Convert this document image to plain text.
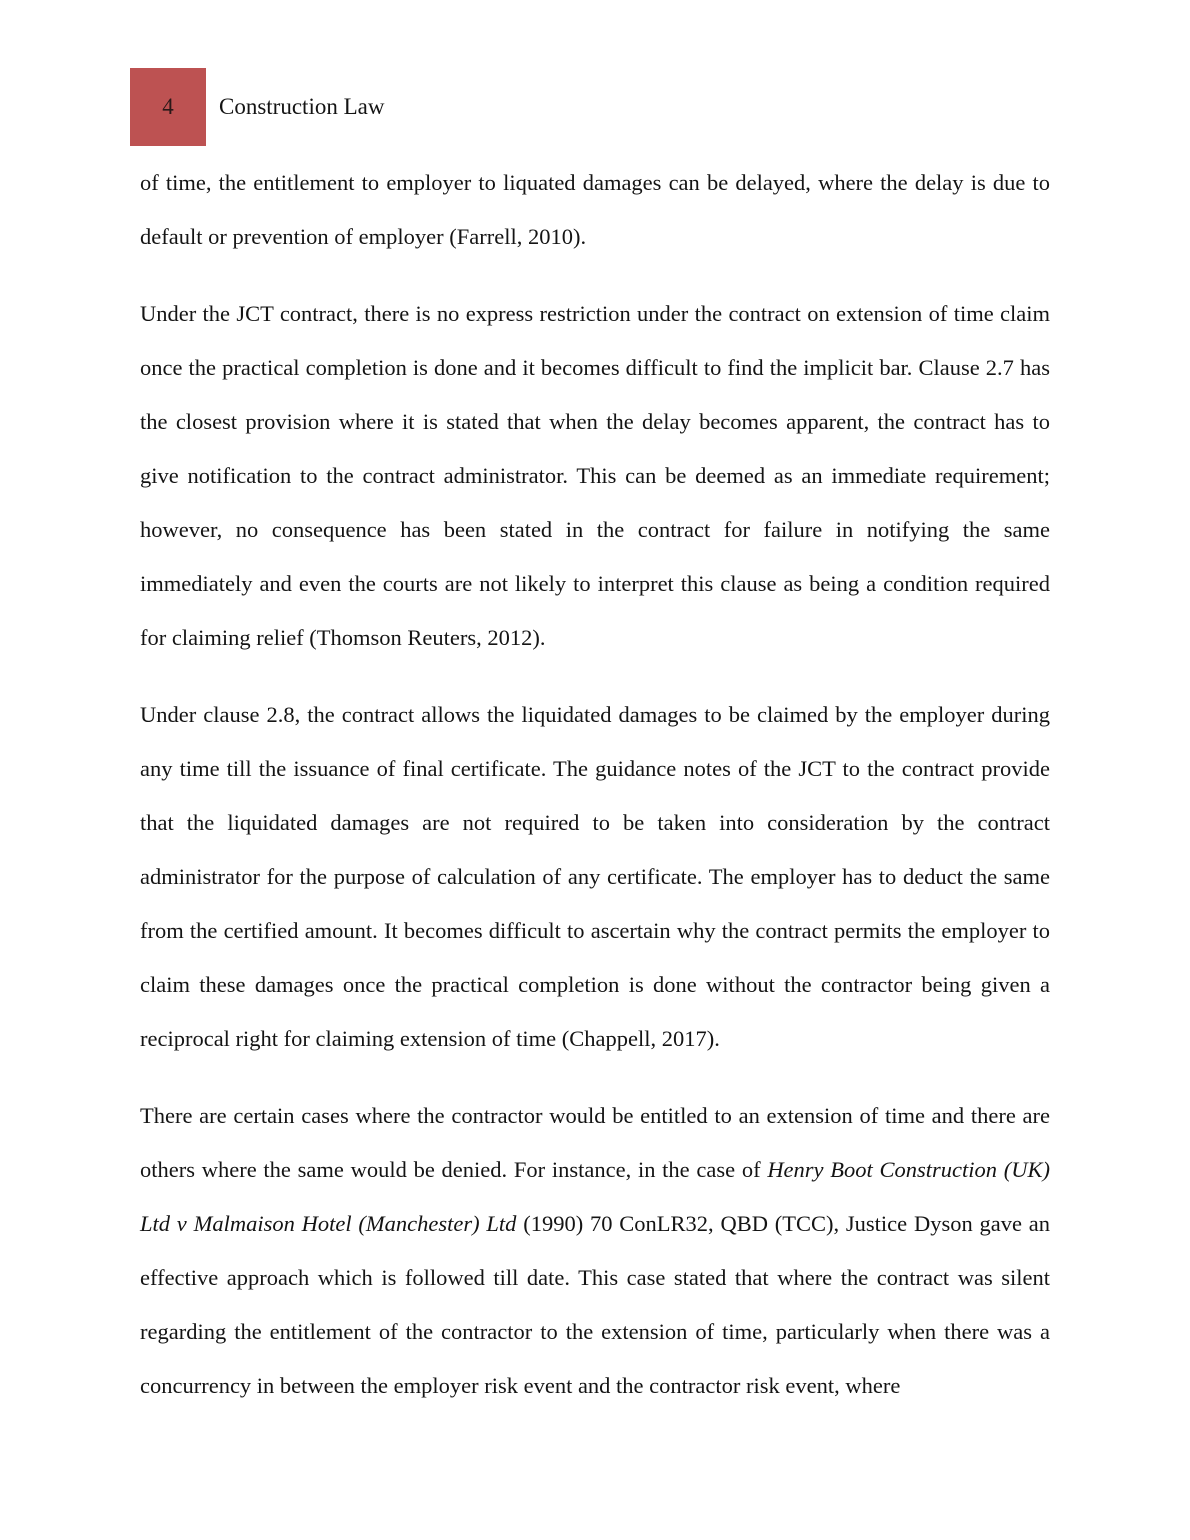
4 Construction Law

of time, the entitlement to employer to liquated damages can be delayed, where the delay is due to default or prevention of employer (Farrell, 2010).

Under the JCT contract, there is no express restriction under the contract on extension of time claim once the practical completion is done and it becomes difficult to find the implicit bar. Clause 2.7 has the closest provision where it is stated that when the delay becomes apparent, the contract has to give notification to the contract administrator. This can be deemed as an immediate requirement; however, no consequence has been stated in the contract for failure in notifying the same immediately and even the courts are not likely to interpret this clause as being a condition required for claiming relief (Thomson Reuters, 2012).

Under clause 2.8, the contract allows the liquidated damages to be claimed by the employer during any time till the issuance of final certificate. The guidance notes of the JCT to the contract provide that the liquidated damages are not required to be taken into consideration by the contract administrator for the purpose of calculation of any certificate. The employer has to deduct the same from the certified amount. It becomes difficult to ascertain why the contract permits the employer to claim these damages once the practical completion is done without the contractor being given a reciprocal right for claiming extension of time (Chappell, 2017).

There are certain cases where the contractor would be entitled to an extension of time and there are others where the same would be denied. For instance, in the case of Henry Boot Construction (UK) Ltd v Malmaison Hotel (Manchester) Ltd (1990) 70 ConLR32, QBD (TCC), Justice Dyson gave an effective approach which is followed till date. This case stated that where the contract was silent regarding the entitlement of the contractor to the extension of time, particularly when there was a concurrency in between the employer risk event and the contractor risk event, where
